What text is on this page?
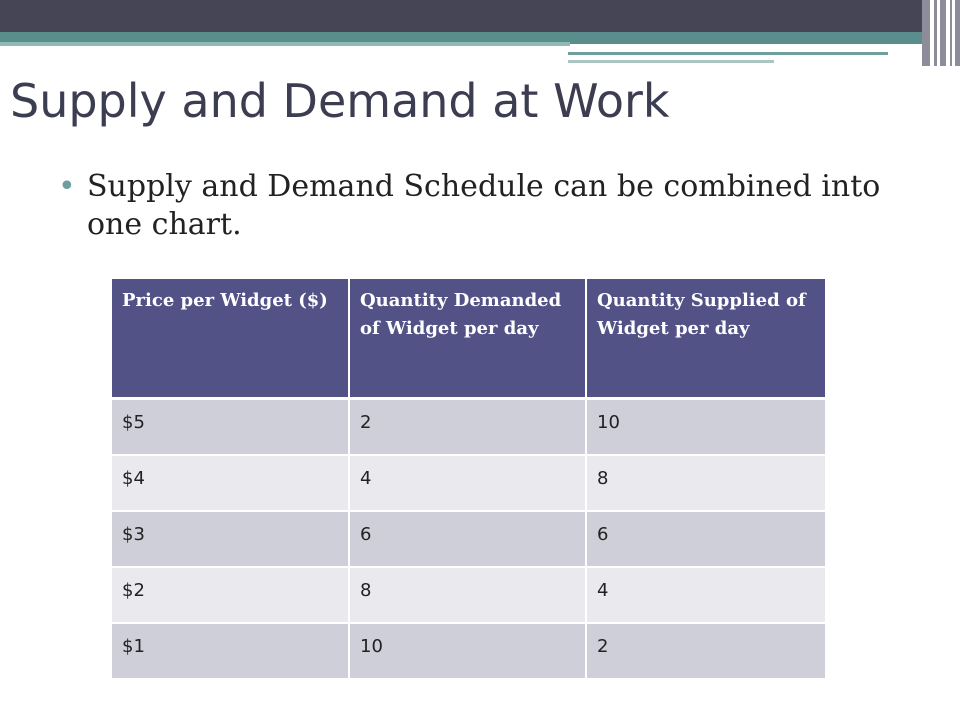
Supply and Demand at Work
• Supply and Demand Schedule can be combined into one chart.
Price per Widget ($)	Quantity Demanded of Widget per day	Quantity Supplied of Widget per day
$5	2	10
$4	4	8
$3	6	6
$2	8	4
$1	10	2
